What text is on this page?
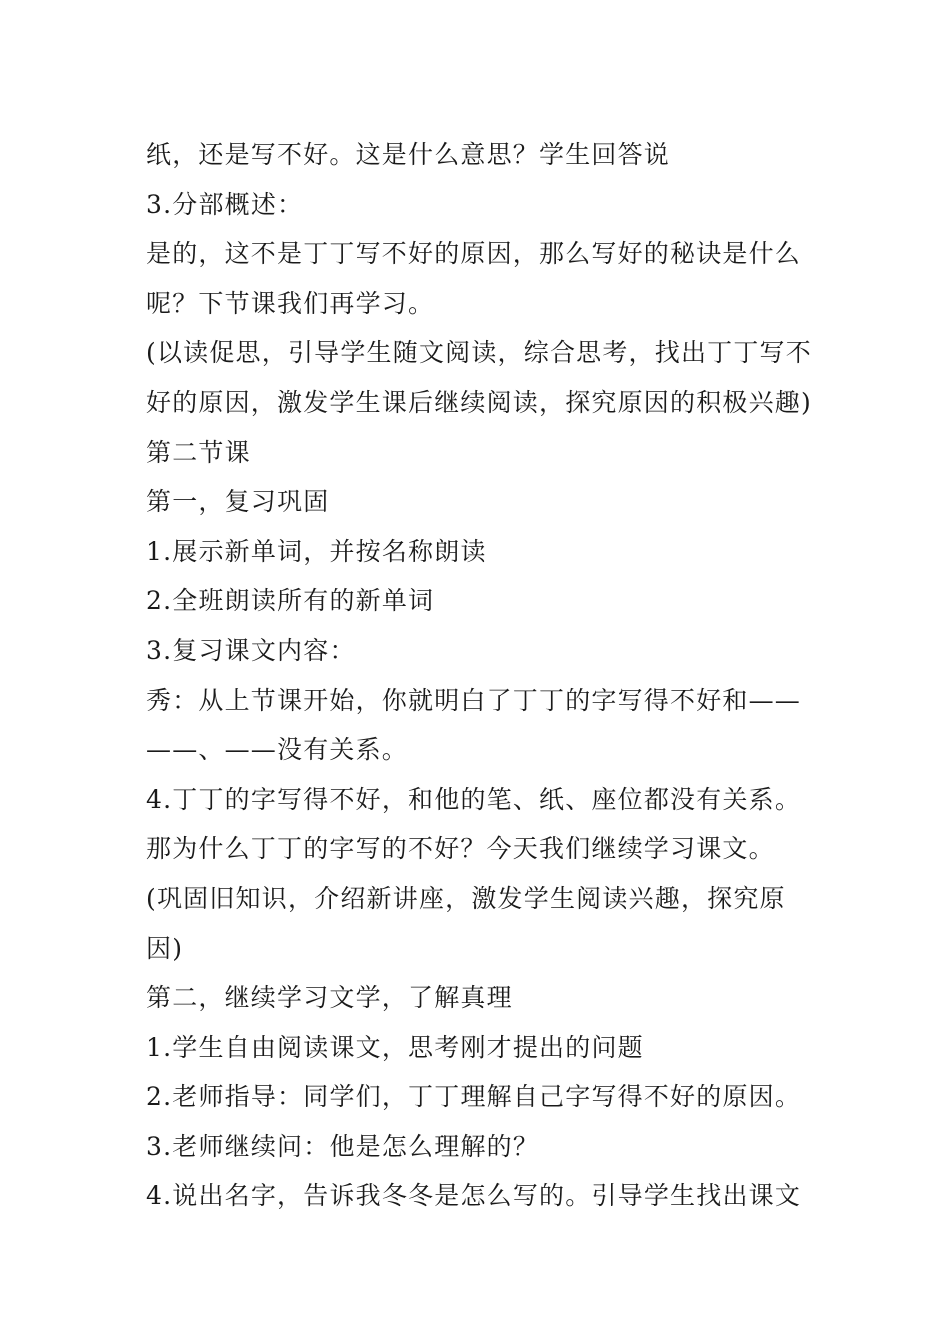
纸，还是写不好。这是什么意思？学生回答说
3.分部概述：
是的，这不是丁丁写不好的原因，那么写好的秘诀是什么
呢？下节课我们再学习。
(以读促思，引导学生随文阅读，综合思考，找出丁丁写不
好的原因，激发学生课后继续阅读，探究原因的积极兴趣)
第二节课
第一，复习巩固
1.展示新单词，并按名称朗读
2.全班朗读所有的新单词
3.复习课文内容：
秀：从上节课开始，你就明白了丁丁的字写得不好和——
——、——没有关系。
4.丁丁的字写得不好，和他的笔、纸、座位都没有关系。
那为什么丁丁的字写的不好？今天我们继续学习课文。
(巩固旧知识，介绍新讲座，激发学生阅读兴趣，探究原
因)
第二，继续学习文学，了解真理
1.学生自由阅读课文，思考刚才提出的问题
2.老师指导：同学们，丁丁理解自己字写得不好的原因。
3.老师继续问：他是怎么理解的？
4.说出名字，告诉我冬冬是怎么写的。引导学生找出课文
